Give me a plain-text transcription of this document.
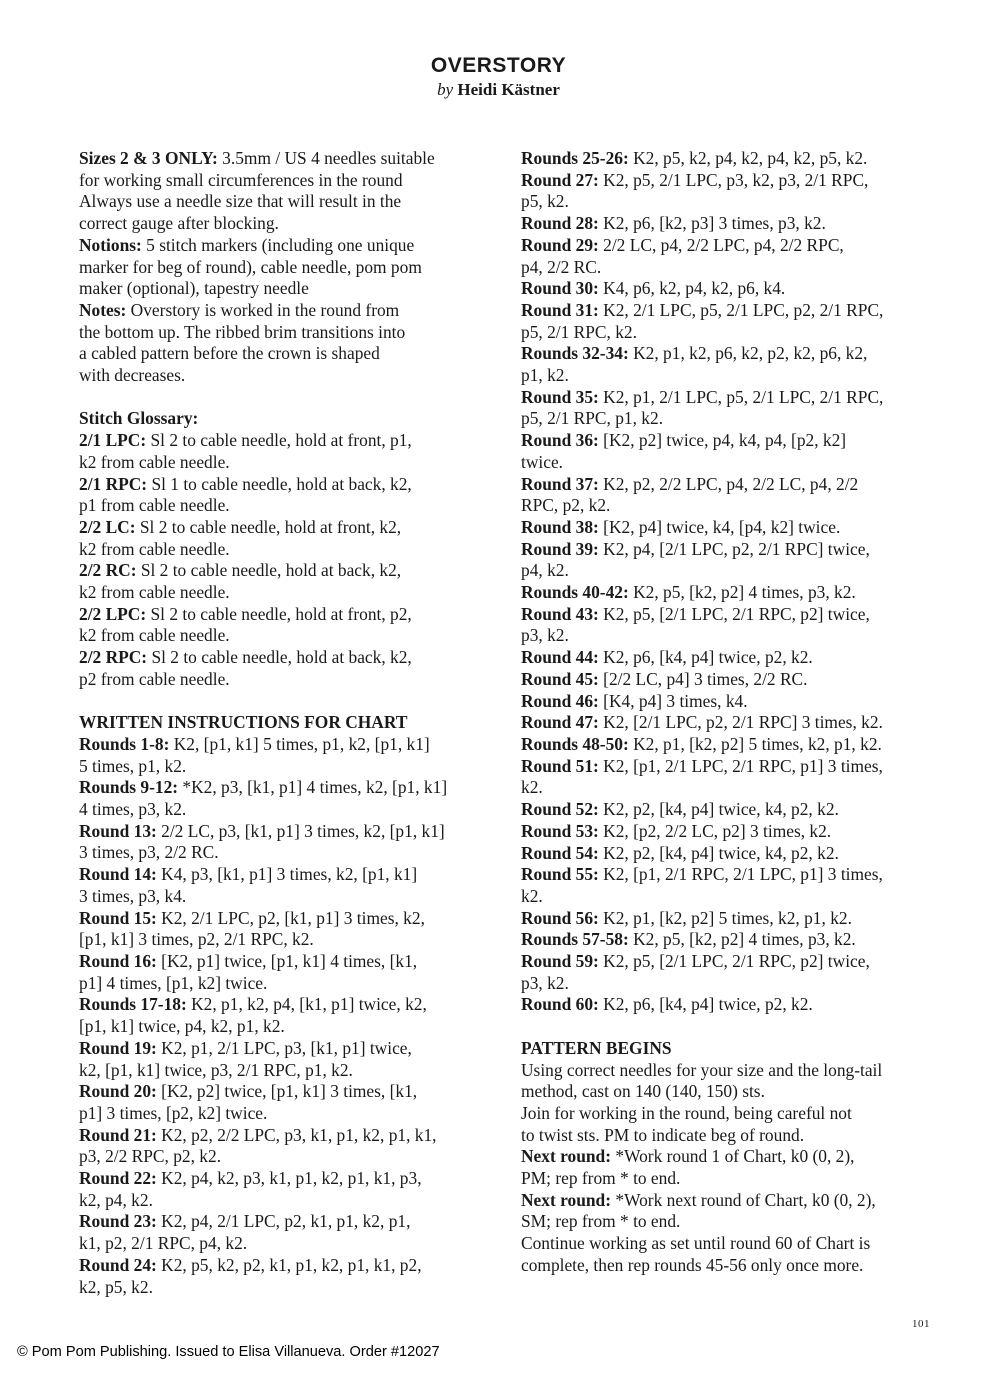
OVERSTORY
by Heidi Kästner
Sizes 2 & 3 ONLY: 3.5mm / US 4 needles suitable
for working small circumferences in the round
Always use a needle size that will result in the
correct gauge after blocking.
Notions: 5 stitch markers (including one unique
marker for beg of round), cable needle, pom pom
maker (optional), tapestry needle
Notes: Overstory is worked in the round from
the bottom up. The ribbed brim transitions into
a cabled pattern before the crown is shaped
with decreases.
Stitch Glossary:
2/1 LPC: Sl 2 to cable needle, hold at front, p1,
k2 from cable needle.
2/1 RPC: Sl 1 to cable needle, hold at back, k2,
p1 from cable needle.
2/2 LC: Sl 2 to cable needle, hold at front, k2,
k2 from cable needle.
2/2 RC: Sl 2 to cable needle, hold at back, k2,
k2 from cable needle.
2/2 LPC: Sl 2 to cable needle, hold at front, p2,
k2 from cable needle.
2/2 RPC: Sl 2 to cable needle, hold at back, k2,
p2 from cable needle.
WRITTEN INSTRUCTIONS FOR CHART
Rounds 1-8: K2, [p1, k1] 5 times, p1, k2, [p1, k1]
5 times, p1, k2.
Rounds 9-12: *K2, p3, [k1, p1] 4 times, k2, [p1, k1]
4 times, p3, k2.
Round 13: 2/2 LC, p3, [k1, p1] 3 times, k2, [p1, k1]
3 times, p3, 2/2 RC.
Round 14: K4, p3, [k1, p1] 3 times, k2, [p1, k1]
3 times, p3, k4.
Round 15: K2, 2/1 LPC, p2, [k1, p1] 3 times, k2,
[p1, k1] 3 times, p2, 2/1 RPC, k2.
Round 16: [K2, p1] twice, [p1, k1] 4 times, [k1,
p1] 4 times, [p1, k2] twice.
Rounds 17-18: K2, p1, k2, p4, [k1, p1] twice, k2,
[p1, k1] twice, p4, k2, p1, k2.
Round 19: K2, p1, 2/1 LPC, p3, [k1, p1] twice,
k2, [p1, k1] twice, p3, 2/1 RPC, p1, k2.
Round 20: [K2, p2] twice, [p1, k1] 3 times, [k1,
p1] 3 times, [p2, k2] twice.
Round 21: K2, p2, 2/2 LPC, p3, k1, p1, k2, p1, k1,
p3, 2/2 RPC, p2, k2.
Round 22: K2, p4, k2, p3, k1, p1, k2, p1, k1, p3,
k2, p4, k2.
Round 23: K2, p4, 2/1 LPC, p2, k1, p1, k2, p1,
k1, p2, 2/1 RPC, p4, k2.
Round 24: K2, p5, k2, p2, k1, p1, k2, p1, k1, p2,
k2, p5, k2.
Rounds 25-26: K2, p5, k2, p4, k2, p4, k2, p5, k2.
Round 27: K2, p5, 2/1 LPC, p3, k2, p3, 2/1 RPC,
p5, k2.
Round 28: K2, p6, [k2, p3] 3 times, p3, k2.
Round 29: 2/2 LC, p4, 2/2 LPC, p4, 2/2 RPC,
p4, 2/2 RC.
Round 30: K4, p6, k2, p4, k2, p6, k4.
Round 31: K2, 2/1 LPC, p5, 2/1 LPC, p2, 2/1 RPC,
p5, 2/1 RPC, k2.
Rounds 32-34: K2, p1, k2, p6, k2, p2, k2, p6, k2,
p1, k2.
Round 35: K2, p1, 2/1 LPC, p5, 2/1 LPC, 2/1 RPC,
p5, 2/1 RPC, p1, k2.
Round 36: [K2, p2] twice, p4, k4, p4, [p2, k2]
twice.
Round 37: K2, p2, 2/2 LPC, p4, 2/2 LC, p4, 2/2
RPC, p2, k2.
Round 38: [K2, p4] twice, k4, [p4, k2] twice.
Round 39: K2, p4, [2/1 LPC, p2, 2/1 RPC] twice,
p4, k2.
Rounds 40-42: K2, p5, [k2, p2] 4 times, p3, k2.
Round 43: K2, p5, [2/1 LPC, 2/1 RPC, p2] twice,
p3, k2.
Round 44: K2, p6, [k4, p4] twice, p2, k2.
Round 45: [2/2 LC, p4] 3 times, 2/2 RC.
Round 46: [K4, p4] 3 times, k4.
Round 47: K2, [2/1 LPC, p2, 2/1 RPC] 3 times, k2.
Rounds 48-50: K2, p1, [k2, p2] 5 times, k2, p1, k2.
Round 51: K2, [p1, 2/1 LPC, 2/1 RPC, p1] 3 times,
k2.
Round 52: K2, p2, [k4, p4] twice, k4, p2, k2.
Round 53: K2, [p2, 2/2 LC, p2] 3 times, k2.
Round 54: K2, p2, [k4, p4] twice, k4, p2, k2.
Round 55: K2, [p1, 2/1 RPC, 2/1 LPC, p1] 3 times,
k2.
Round 56: K2, p1, [k2, p2] 5 times, k2, p1, k2.
Rounds 57-58: K2, p5, [k2, p2] 4 times, p3, k2.
Round 59: K2, p5, [2/1 LPC, 2/1 RPC, p2] twice,
p3, k2.
Round 60: K2, p6, [k4, p4] twice, p2, k2.
PATTERN BEGINS
Using correct needles for your size and the long-tail
method, cast on 140 (140, 150) sts.
Join for working in the round, being careful not
to twist sts. PM to indicate beg of round.
Next round: *Work round 1 of Chart, k0 (0, 2),
PM; rep from * to end.
Next round: *Work next round of Chart, k0 (0, 2),
SM; rep from * to end.
Continue working as set until round 60 of Chart is
complete, then rep rounds 45-56 only once more.
101
© Pom Pom Publishing. Issued to Elisa Villanueva. Order #12027
